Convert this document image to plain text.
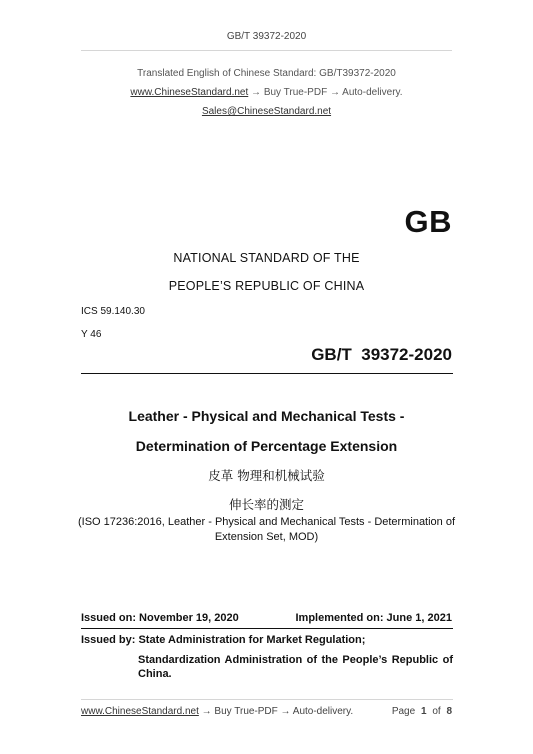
GB/T 39372-2020
Translated English of Chinese Standard: GB/T39372-2020
www.ChineseStandard.net → Buy True-PDF → Auto-delivery.
Sales@ChineseStandard.net
GB
NATIONAL STANDARD OF THE
PEOPLE’S REPUBLIC OF CHINA
ICS 59.140.30
Y 46
GB/T  39372-2020
Leather - Physical and Mechanical Tests -
Determination of Percentage Extension
皮革 物理和机械试验
伸长率的测定
(ISO 17236:2016, Leather - Physical and Mechanical Tests - Determination of
Extension Set, MOD)
Issued on: November 19, 2020	Implemented on: June 1, 2021
Issued by: State Administration for Market Regulation;
Standardization Administration of the People’s Republic of
China.
www.ChineseStandard.net → Buy True-PDF → Auto-delivery.	Page 1 of 8
